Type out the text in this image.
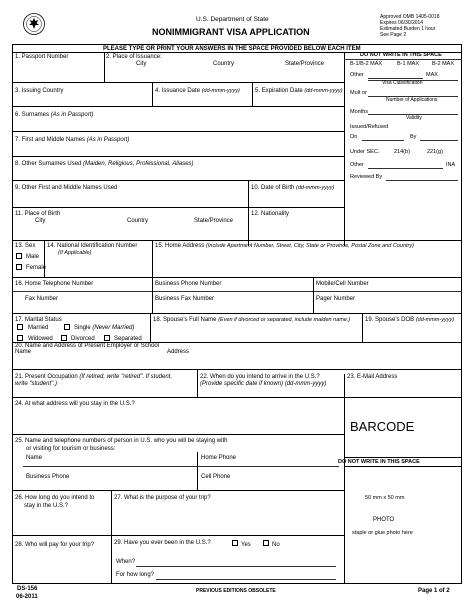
U.S. Department of State
NONIMMIGRANT VISA APPLICATION
Approved OMB 1405-0018
Expires 06/30/2014
Estimated Burden 1 hour
See Page 2
PLEASE TYPE OR PRINT YOUR ANSWERS IN THE SPACE PROVIDED BELOW EACH ITEM
1. Passport Number	2. Place of Issuance:
City	Country	State/Province
3. Issuing Country	4. Issuance Date (dd-mmm-yyyy)	5. Expiration Date (dd-mmm-yyyy)
6. Surnames (As in Passport)
7. First and Middle Names (As in Passport)
8. Other Surnames Used (Maiden, Religious, Professional, Aliases)
9. Other First and Middle Names Used	10. Date of Birth (dd-mmm-yyyy)
11. Place of Birth
City	Country	State/Province
12. Nationality
13. Sex
Male
Female
14. National Identification Number
(If Applicable)
15. Home Address (Include Apartment Number, Street, City, State or Province, Postal Zone and Country)
16. Home Telephone Number	Business Phone Number	Mobile/Cell Number
Fax Number	Business Fax Number	Pager Number
17. Marital Status
Married	Single (Never Married)
Widowed	Divorced	Separated
18. Spouse's Full Name (Even if divorced or separated, include maiden name.) 19. Spouse's DOB (dd-mmm-yyyy)
20. Name and Address of Present Employer or School
Name	Address
21. Present Occupation (If retired, write "retired". If student,
write "student".)
22. When do you intend to arrive in the U.S.?
(Provide specific date if known) (dd-mmm-yyyy)
23. E-Mail Address
24. At what address will you stay in the U.S.?
25. Name and telephone numbers of person in U.S. who you will be staying with
or visiting for tourism or business:
Name	Home Phone
Business Phone	Cell Phone
26. How long do you intend to
stay in the U.S.?
27. What is the purpose of your trip?
28. Who will pay for your trip?	29. Have you ever been in the U.S.?	Yes	No
When?
For how long?
DO NOT WRITE IN THIS SPACE
B-1/B-2 MAX	B-1 MAX B-2 MAX
Other	MAX
Visa Classification
Mult or
Number of Applications
Months
Validity
Issued/Refused
On	By
Under SEC.	214(b)	221(g)
Other	INA
Reviewed By
BARCODE
DO NOT WRITE IN THIS SPACE
50 mm x 50 mm
PHOTO
staple or glue photo here
DS-156
06-2011
PREVIOUS EDITIONS OBSOLETE	Page 1 of 2
